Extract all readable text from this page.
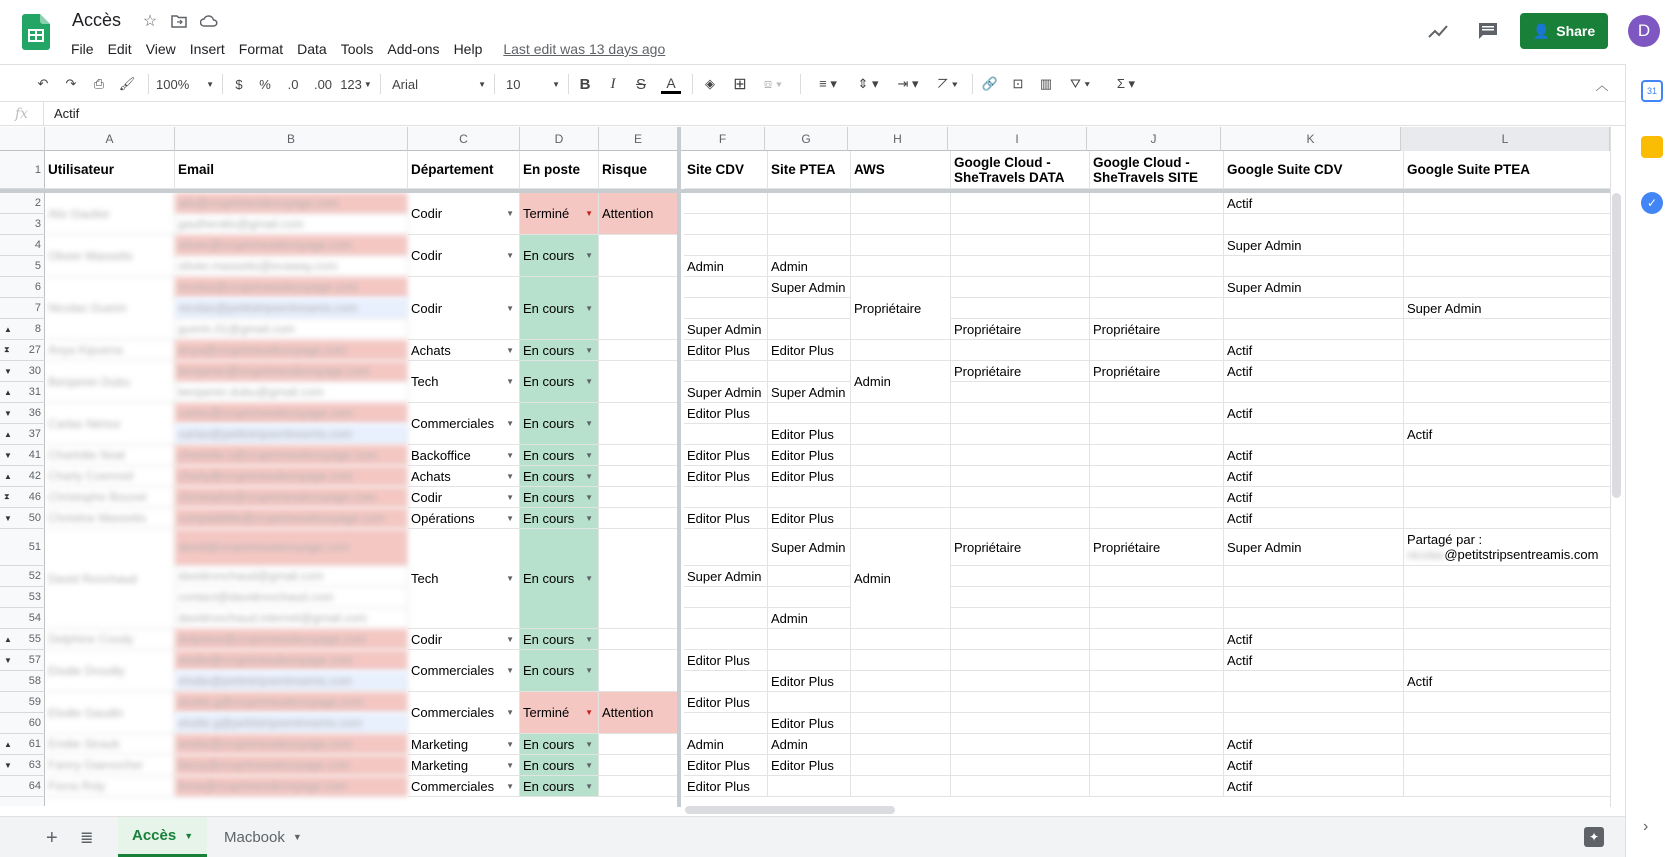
Accès ☆
File	Edit	View	Insert	Format	Data	Tools	Add-ons	Help	Last edit was 13 days ago
👤 Share	D
↶	↷	⎙	🖌 100% ▼	$	%	.0	.00 123 ▼ Arial	▼ 10	▼ B	I	S A	◈	⊞	⧈ ▾	≡ ▾	⇕ ▾	⇥ ▾	⦢ ▾	🔗	⊡	▥	⛛ ▾	Σ ▾	︿
fx	Actif
A	B	C	D	E	F	G	H	I	J	K	L
1
2
3
4
5
6
7
▲ 8
⧗ 27
▼ 30
▲ 31
▼ 36
▲ 37
▼ 41
▲ 42
⧗ 46
▼ 50
51
52
53
54
▲ 55
▼ 57
58
59
60
▲ 61
▼ 63
64
Utilisateur	Email	Département	En poste	Risque	Site CDV	Site PTEA	AWS	Google Cloud - SheTravels DATA
Google Cloud - SheTravels SITE	Google Suite CDV	Google Suite PTEA
Alix Gautier
alix@cruprimesdevoyage.com
gautheralix@gmail.com
Codir	▼ Terminé ▼ Attention
Olivier Massetis
olivier@cruprimesdevoyage.com
olivier.massetis@evaway.com
Codir	▼ En cours ▼
Nicolas Guerin
nicolas@cruprimesdevoyage.com
nicolas@petitstripsentreamis.com
guerin.01@gmail.com
Codir	▼ En cours ▼
Anya Kipuena	anya@cruprimesdevoyage.com	Achats	▼ En cours ▼
Benjamin Dubu
benjamin@cruprimesdevoyage.com
benjamin.dubu@gmail.com
Tech	▼ En cours ▼
Carlas Nérioz
carlas@cruprimesdevoyage.com
carlas@petitstripsentreamis.com
Commerciales ▼ En cours ▼
Charlotte Noal	charlotte.n@cruprimesdevoyage.com	Backoffice	▼ En cours ▼
Charly Coenneil	charly@cruprimesdevoyage.com	Achats	▼ En cours ▼
Christophe Bouvet	christophe@cruprimesdevoyage.com	Codir	▼ En cours ▼
Christine Massetis	comptabilite@cruprimesdevoyage.com	Opérations	▼ En cours ▼
David Ronchaud
david@cruprimesdevoyage.com
davidronchaud@gmail.com
contact@davidronchaud.com
davidronchaud.internet@gmail.com
Tech	▼ En cours ▼
Delphine Coudy	delphine@cruprimesdevoyage.com	Codir	▼ En cours ▼
Elodie Drouilly
elodie@cruprimesdevoyage.com
elodie@petitstripsentreamis.com
Commerciales ▼ En cours ▼
Elodie Gaudin
elodie.g@cruprimesdevoyage.com
elodie.g@petitstripsentreamis.com
Commerciales ▼ Terminé ▼ Attention
Emilie Straub	emilie@cruprimesdevoyage.com	Marketing	▼ En cours ▼
Fanny Daenocher	fanny@cruprimesdevoyage.com	Marketing	▼ En cours ▼
Fiona Roly	fiona@cruprimesdevoyage.com	Commerciales ▼ En cours ▼
Propriétaire
Admin
Admin
Actif
Super Admin
Admin	Admin
Super Admin	Super Admin
Super Admin
Super Admin	Propriétaire	Propriétaire
Editor Plus	Editor Plus	Actif
Propriétaire	Propriétaire	Actif
Super Admin Super Admin
Editor Plus	Actif
Editor Plus	Actif
Editor Plus	Editor Plus	Actif
Editor Plus	Editor Plus	Actif
Actif
Editor Plus	Editor Plus	Actif
Super Admin	Propriétaire	Propriétaire	Super Admin
Super Admin
Admin
Actif
Editor Plus	Actif
Editor Plus	Actif
Editor Plus
Editor Plus
Admin	Admin	Actif
Editor Plus	Editor Plus	Actif
Editor Plus	Actif
Partagé par :
nicolas@petitstripsentreamis.com
+ ≣	Accès ▼ Macbook ▼	✦
31
✓
›
